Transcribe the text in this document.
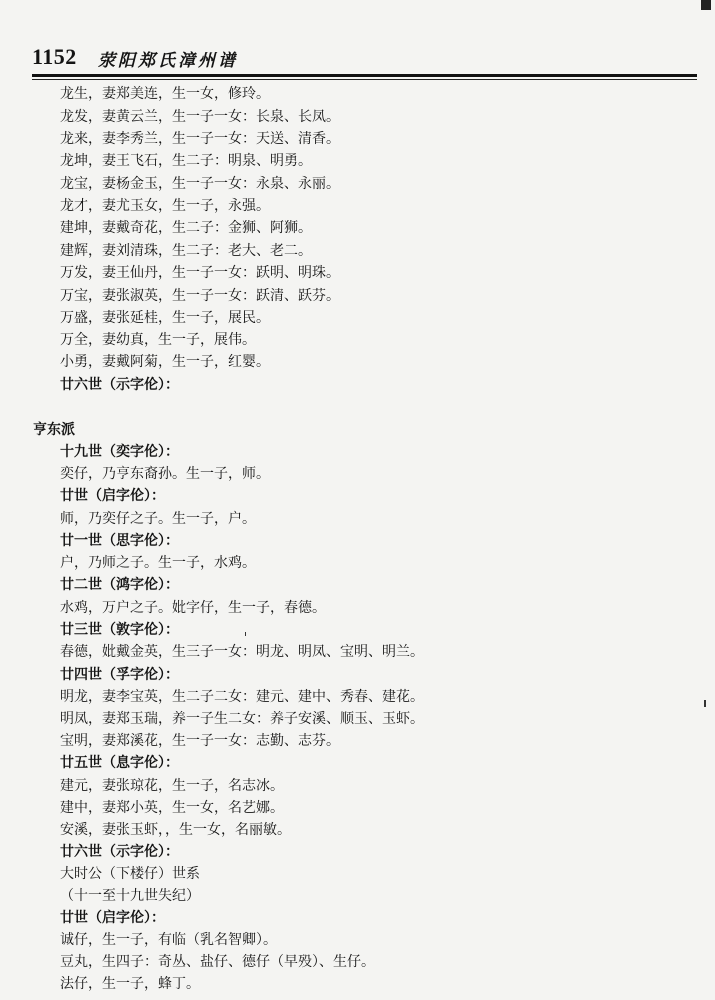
1152 荥阳郑氏漳州谱
龙生，妻郑美连，生一女，修玲。
龙发，妻黄云兰，生一子一女：长泉、长凤。
龙来，妻李秀兰，生一子一女：天送、清香。
龙坤，妻王飞石，生二子：明泉、明勇。
龙宝，妻杨金玉，生一子一女：永泉、永丽。
龙才，妻尤玉女，生一子，永强。
建坤，妻戴奇花，生二子：金狮、阿狮。
建辉，妻刘清珠，生二子：老大、老二。
万发，妻王仙丹，生一子一女：跃明、明珠。
万宝，妻张淑英，生一子一女：跃清、跃芬。
万盛，妻张延桂，生一子，展民。
万全，妻幼真，生一子，展伟。
小勇，妻戴阿菊，生一子，红婴。
廿六世（示字伦）：
亨东派
十九世（奕字伦）：
奕仔，乃亨东裔孙。生一子，师。
廿世（启字伦）：
师，乃奕仔之子。生一子，户。
廿一世（思字伦）：
户，乃师之子。生一子，水鸡。
廿二世（鸿字伦）：
水鸡，万户之子。妣字仔，生一子，春德。
廿三世（敦字伦）：
春德，妣戴金英，生三子一女：明龙、明凤、宝明、明兰。
廿四世（孚字伦）：
明龙，妻李宝英，生二子二女：建元、建中、秀春、建花。
明凤，妻郑玉瑞，养一子生二女：养子安溪、顺玉、玉虾。
宝明，妻郑溪花，生一子一女：志勤、志芬。
廿五世（息字伦）：
建元，妻张琼花，生一子，名志冰。
建中，妻郑小英，生一女，名艺娜。
安溪，妻张玉虾，，生一女，名丽敏。
廿六世（示字伦）：
大时公（下楼仔）世系
（十一至十九世失纪）
廿世（启字伦）：
诚仔，生一子，有临（乳名智卿）。
豆丸，生四子：奇丛、盐仔、德仔（早殁）、生仔。
法仔，生一子，蜂丁。
